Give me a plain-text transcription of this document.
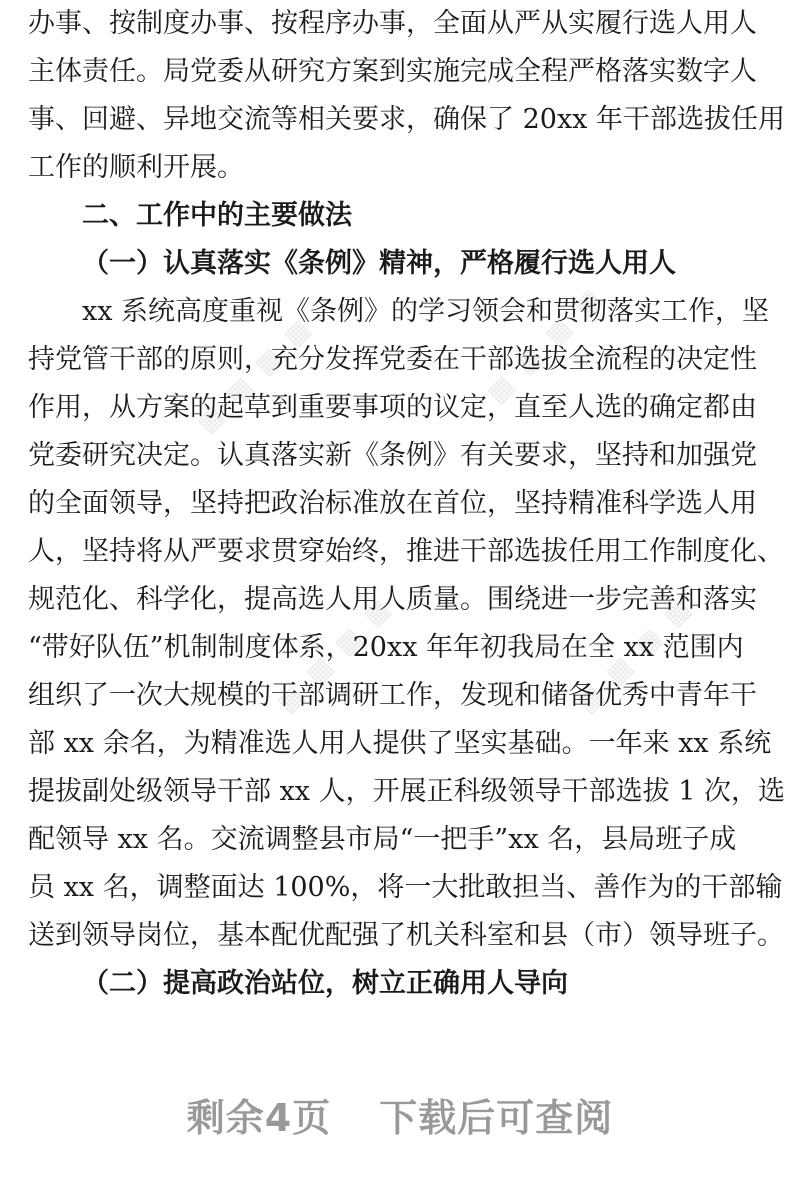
▦ ▦ ▦ ▦	▦ ▦ ▦ ▦
▦ ▦ ▦ ▦
▦ ▦ ▦ ▦
办事、按制度办事、按程序办事，全面从严从实履行选人用人
主体责任。局党委从研究方案到实施完成全程严格落实数字人
事、回避、异地交流等相关要求，确保了 20xx 年干部选拔任用
工作的顺利开展。
二、工作中的主要做法
（一）认真落实《条例》精神，严格履行选人用人
xx 系统高度重视《条例》的学习领会和贯彻落实工作，坚
持党管干部的原则，充分发挥党委在干部选拔全流程的决定性
作用，从方案的起草到重要事项的议定，直至人选的确定都由
党委研究决定。认真落实新《条例》有关要求，坚持和加强党
的全面领导，坚持把政治标准放在首位，坚持精准科学选人用
人，坚持将从严要求贯穿始终，推进干部选拔任用工作制度化、
规范化、科学化，提高选人用人质量。围绕进一步完善和落实
“带好队伍”机制制度体系，20xx 年年初我局在全 xx 范围内
组织了一次大规模的干部调研工作，发现和储备优秀中青年干
部 xx 余名，为精准选人用人提供了坚实基础。一年来 xx 系统
提拔副处级领导干部 xx 人，开展正科级领导干部选拔 1 次，选
配领导 xx 名。交流调整县市局“一把手”xx 名，县局班子成
员 xx 名，调整面达 100%，将一大批敢担当、善作为的干部输
送到领导岗位，基本配优配强了机关科室和县（市）领导班子。
（二）提高政治站位，树立正确用人导向
剩余4页 下载后可查阅
